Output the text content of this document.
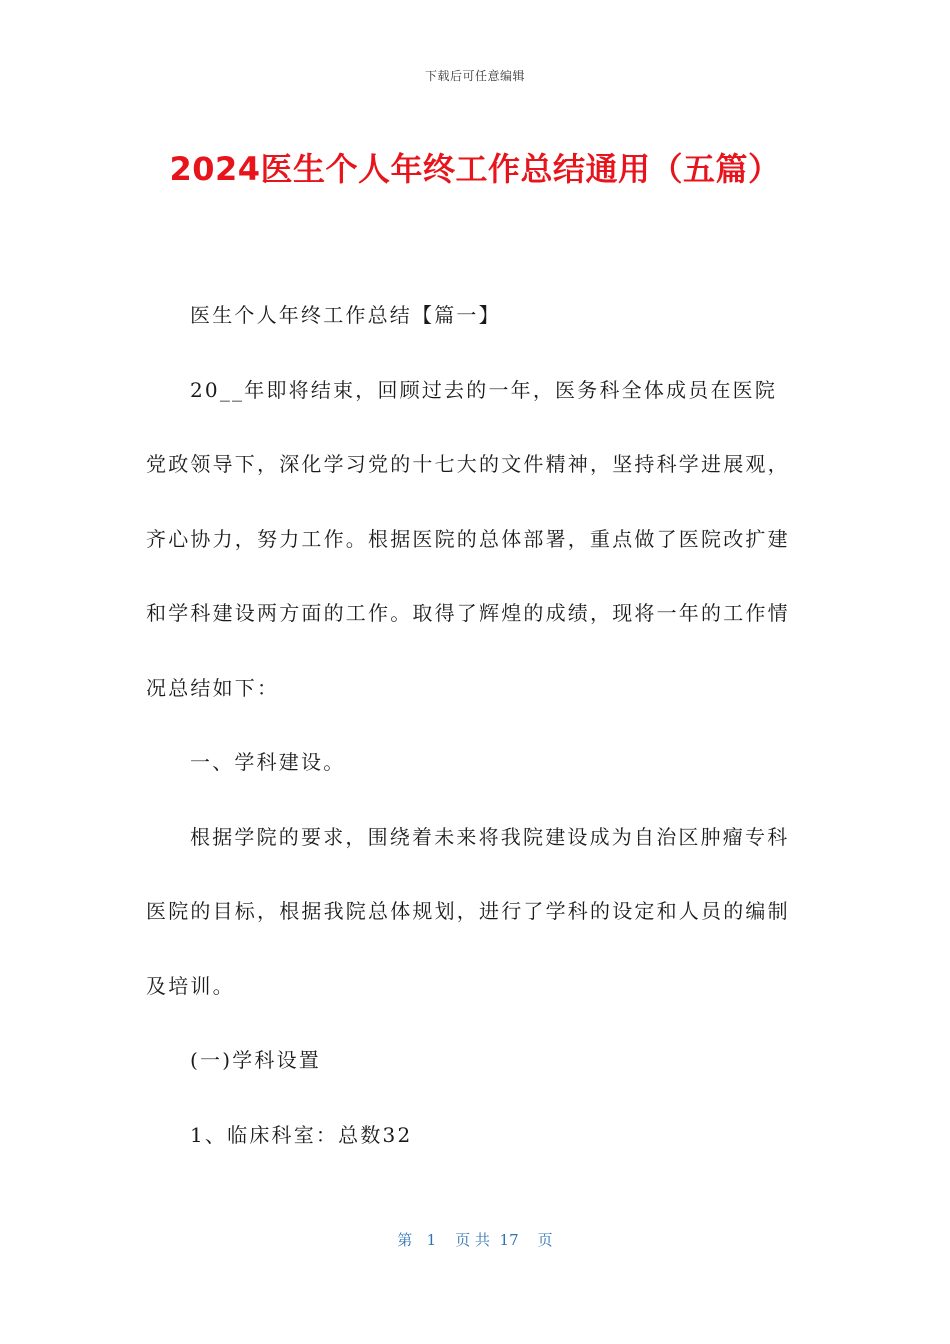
下载后可任意编辑
2024医生个人年终工作总结通用（五篇）

医生个人年终工作总结【篇一】

20__年即将结束，回顾过去的一年，医务科全体成员在医院党政领导下，深化学习党的十七大的文件精神，坚持科学进展观，齐心协力，努力工作。根据医院的总体部署，重点做了医院改扩建和学科建设两方面的工作。取得了辉煌的成绩，现将一年的工作情况总结如下：

一、学科建设。

根据学院的要求，围绕着未来将我院建设成为自治区肿瘤专科医院的目标，根据我院总体规划，进行了学科的设定和人员的编制及培训。

(一)学科设置

1、临床科室：总数32

第   1    页 共  17    页
